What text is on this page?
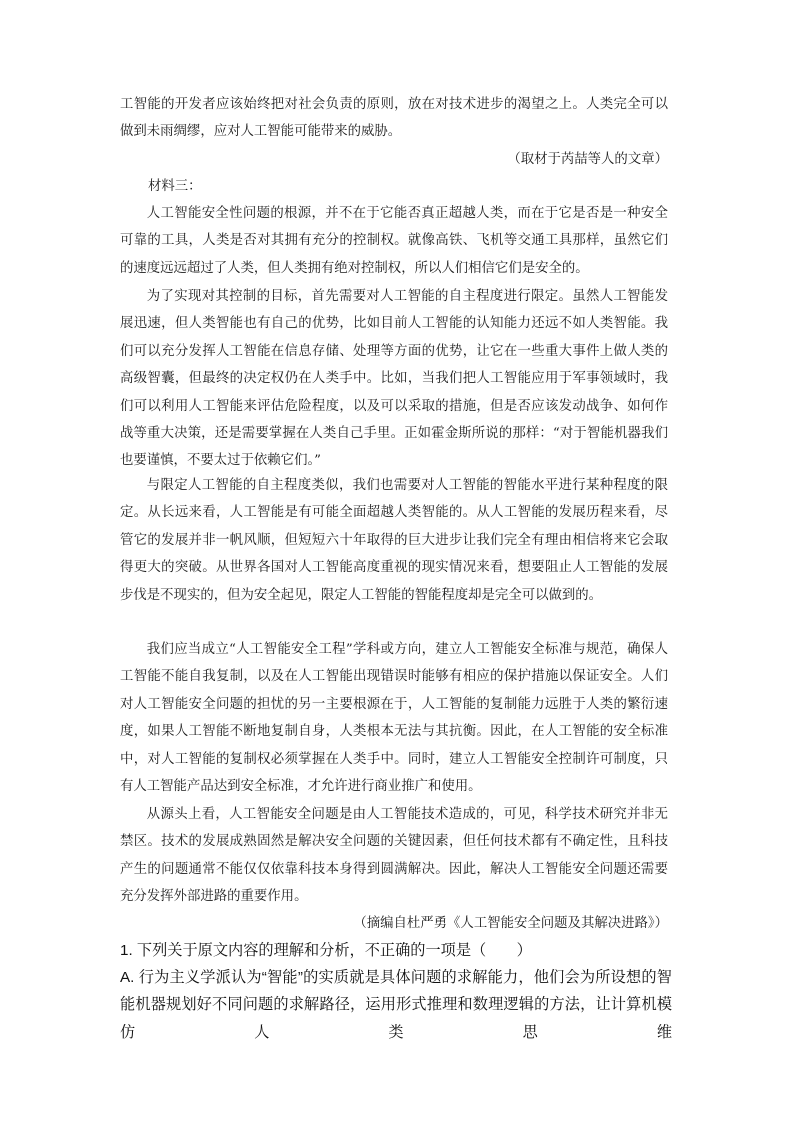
工智能的开发者应该始终把对社会负责的原则，放在对技术进步的渴望之上。人类完全可以做到未雨绸缪，应对人工智能可能带来的威胁。
（取材于芮喆等人的文章）
材料三：
人工智能安全性问题的根源，并不在于它能否真正超越人类，而在于它是否是一种安全可靠的工具，人类是否对其拥有充分的控制权。就像高铁、飞机等交通工具那样，虽然它们的速度远远超过了人类，但人类拥有绝对控制权，所以人们相信它们是安全的。
为了实现对其控制的目标，首先需要对人工智能的自主程度进行限定。虽然人工智能发展迅速，但人类智能也有自己的优势，比如目前人工智能的认知能力还远不如人类智能。我们可以充分发挥人工智能在信息存储、处理等方面的优势，让它在一些重大事件上做人类的高级智囊，但最终的决定权仍在人类手中。比如，当我们把人工智能应用于军事领域时，我们可以利用人工智能来评估危险程度，以及可以采取的措施，但是否应该发动战争、如何作战等重大决策，还是需要掌握在人类自己手里。正如霍金斯所说的那样：“对于智能机器我们也要谨慎，不要太过于依赖它们。”
与限定人工智能的自主程度类似，我们也需要对人工智能的智能水平进行某种程度的限定。从长远来看，人工智能是有可能全面超越人类智能的。从人工智能的发展历程来看，尽管它的发展并非一帆风顺，但短短六十年取得的巨大进步让我们完全有理由相信将来它会取得更大的突破。从世界各国对人工智能高度重视的现实情况来看，想要阻止人工智能的发展步伐是不现实的，但为安全起见，限定人工智能的智能程度却是完全可以做到的。
我们应当成立“人工智能安全工程”学科或方向，建立人工智能安全标准与规范，确保人工智能不能自我复制，以及在人工智能出现错误时能够有相应的保护措施以保证安全。人们对人工智能安全问题的担忧的另一主要根源在于，人工智能的复制能力远胜于人类的繁衍速度，如果人工智能不断地复制自身，人类根本无法与其抗衡。因此，在人工智能的安全标准中，对人工智能的复制权必须掌握在人类手中。同时，建立人工智能安全控制许可制度，只有人工智能产品达到安全标准，才允许进行商业推广和使用。
从源头上看，人工智能安全问题是由人工智能技术造成的，可见，科学技术研究并非无禁区。技术的发展成熟固然是解决安全问题的关键因素，但任何技术都有不确定性，且科技产生的问题通常不能仅仅依靠科技本身得到圆满解决。因此，解决人工智能安全问题还需要充分发挥外部进路的重要作用。
（摘编自杜严勇《人工智能安全问题及其解决进路》）
1. 下列关于原文内容的理解和分析，不正确的一项是（　　）
A. 行为主义学派认为“智能”的实质就是具体问题的求解能力，他们会为所设想的智能机器规划好不同问题的求解路径，运用形式推理和数理逻辑的方法，让计算机模仿人类思维
